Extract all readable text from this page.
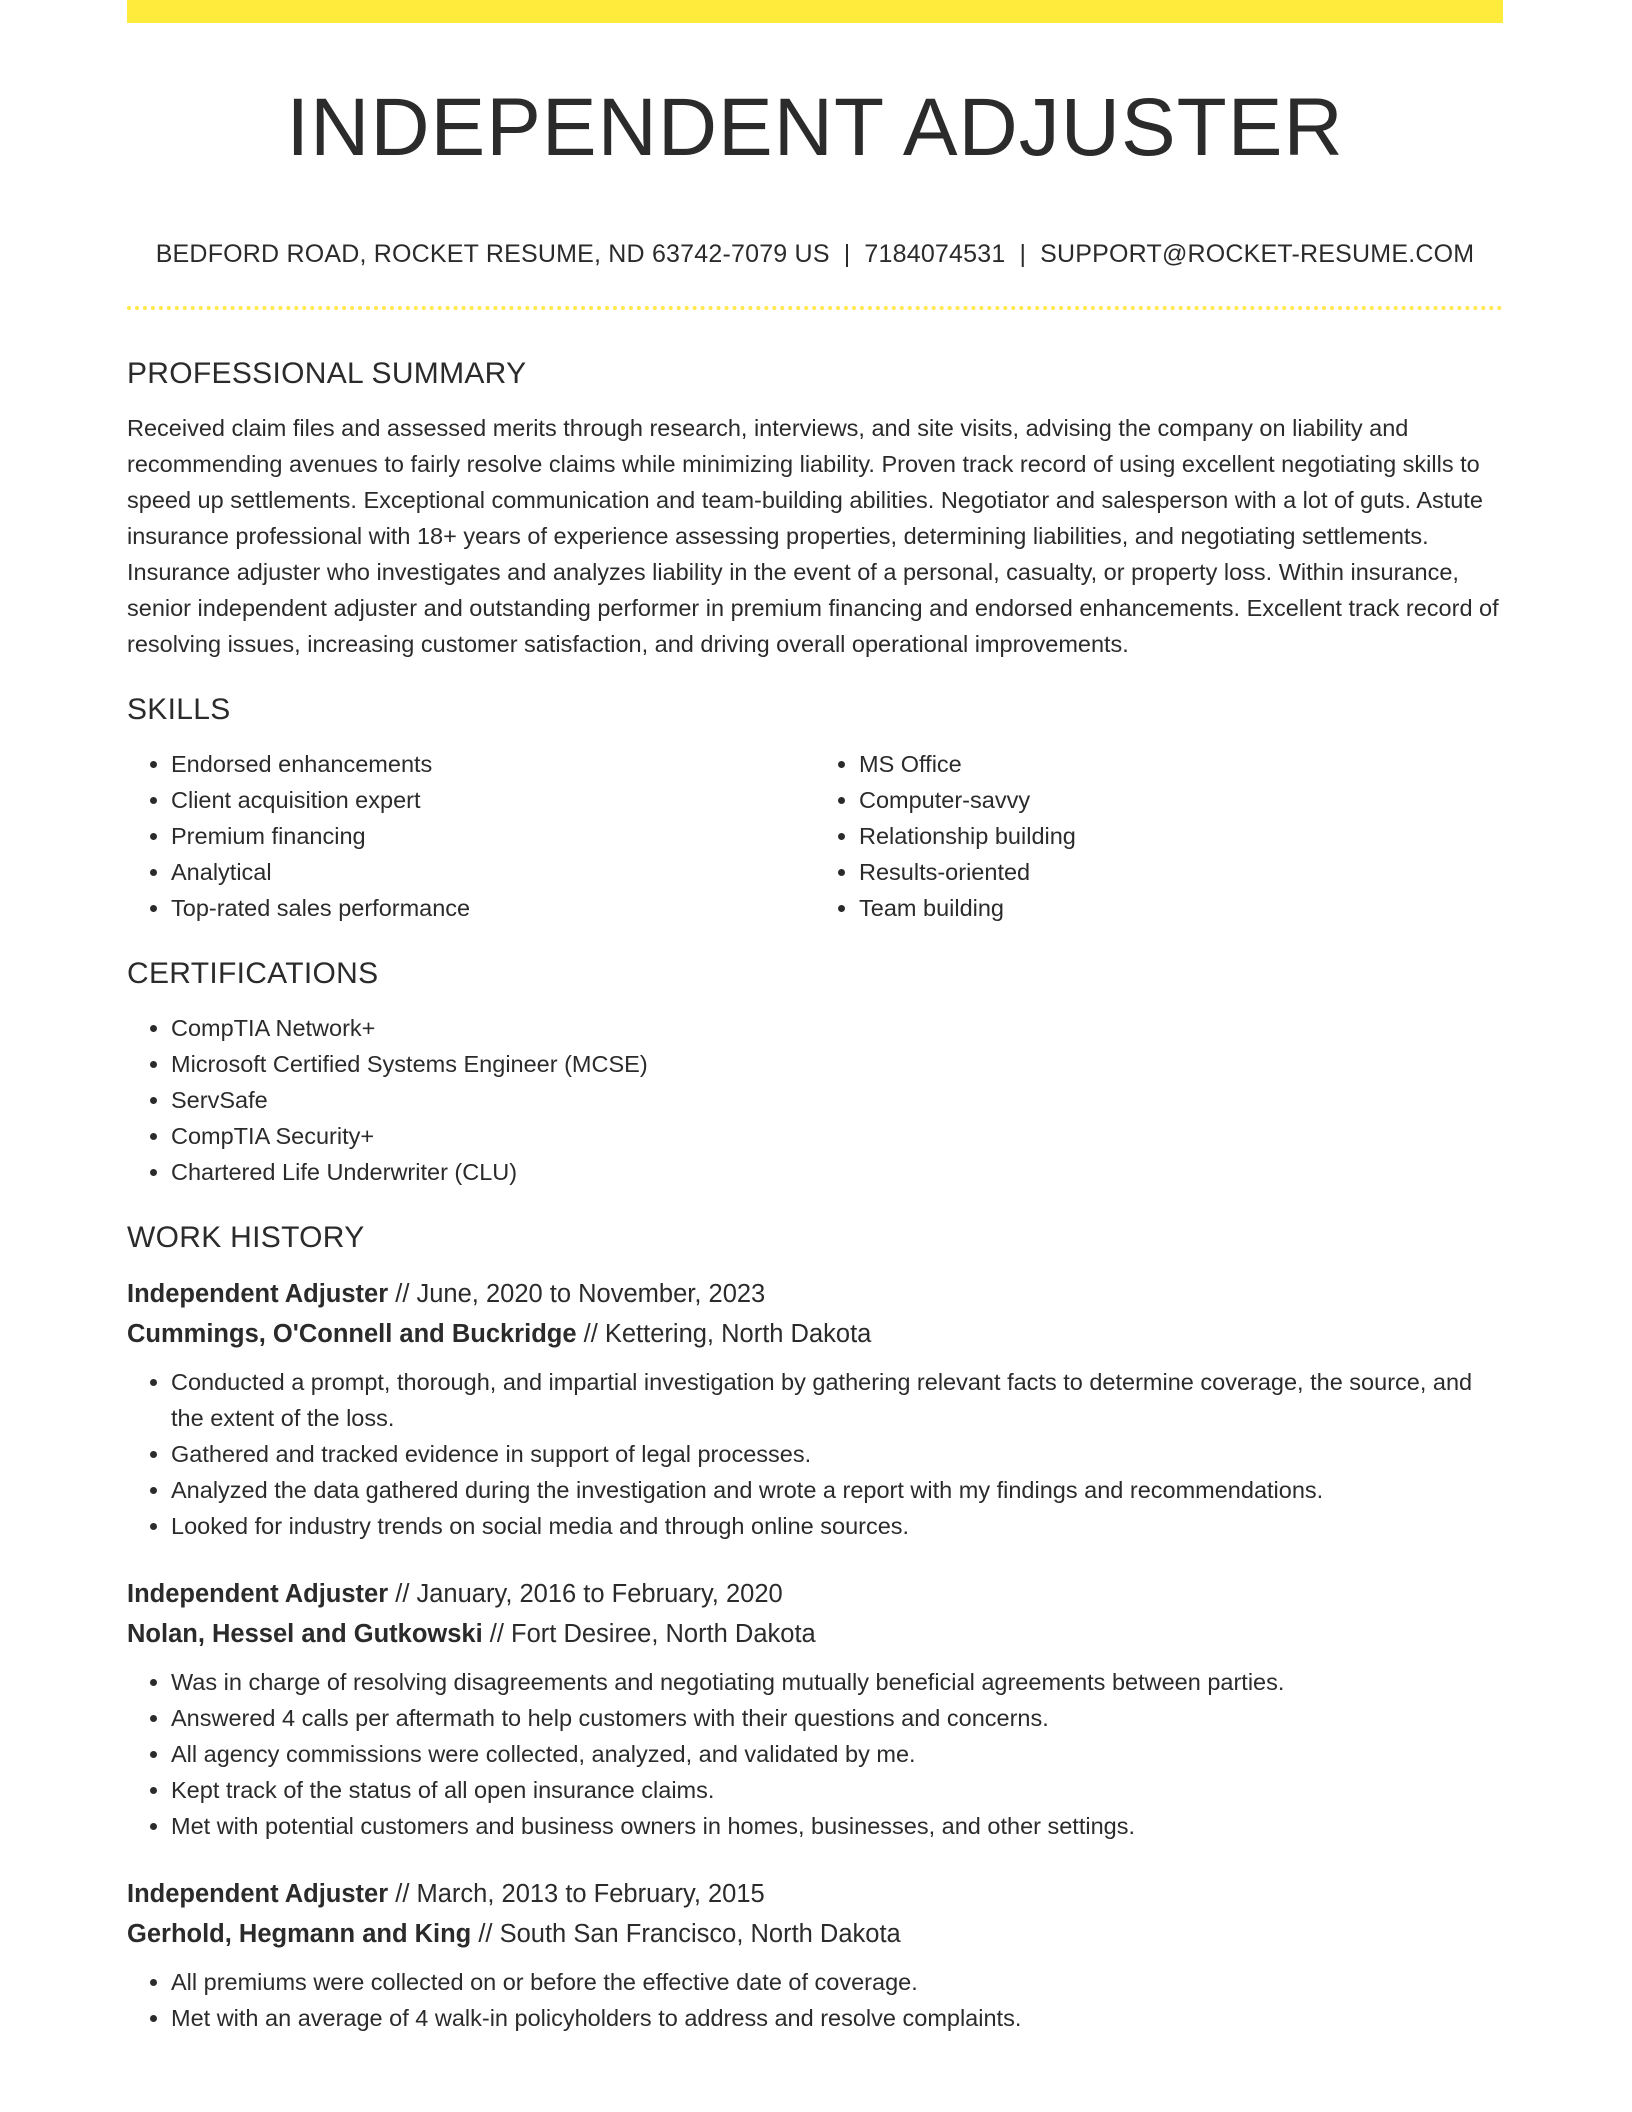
INDEPENDENT ADJUSTER
BEDFORD ROAD, ROCKET RESUME, ND 63742-7079 US | 7184074531 | SUPPORT@ROCKET-RESUME.COM
PROFESSIONAL SUMMARY

Received claim files and assessed merits through research, interviews, and site visits, advising the company on liability and recommending avenues to fairly resolve claims while minimizing liability. Proven track record of using excellent negotiating skills to speed up settlements. Exceptional communication and team-building abilities. Negotiator and salesperson with a lot of guts. Astute insurance professional with 18+ years of experience assessing properties, determining liabilities, and negotiating settlements. Insurance adjuster who investigates and analyzes liability in the event of a personal, casualty, or property loss. Within insurance, senior independent adjuster and outstanding performer in premium financing and endorsed enhancements. Excellent track record of resolving issues, increasing customer satisfaction, and driving overall operational improvements.

SKILLS
• Endorsed enhancements
• Client acquisition expert
• Premium financing
• Analytical
• Top-rated sales performance
• MS Office
• Computer-savvy
• Relationship building
• Results-oriented
• Team building
CERTIFICATIONS
• CompTIA Network+
• Microsoft Certified Systems Engineer (MCSE)
• ServSafe
• CompTIA Security+
• Chartered Life Underwriter (CLU)
WORK HISTORY
Independent Adjuster // June, 2020 to November, 2023
Cummings, O'Connell and Buckridge // Kettering, North Dakota
• Conducted a prompt, thorough, and impartial investigation by gathering relevant facts to determine coverage, the source, and the extent of the loss.
• Gathered and tracked evidence in support of legal processes.
• Analyzed the data gathered during the investigation and wrote a report with my findings and recommendations.
• Looked for industry trends on social media and through online sources.
Independent Adjuster // January, 2016 to February, 2020
Nolan, Hessel and Gutkowski // Fort Desiree, North Dakota
• Was in charge of resolving disagreements and negotiating mutually beneficial agreements between parties.
• Answered 4 calls per aftermath to help customers with their questions and concerns.
• All agency commissions were collected, analyzed, and validated by me.
• Kept track of the status of all open insurance claims.
• Met with potential customers and business owners in homes, businesses, and other settings.
Independent Adjuster // March, 2013 to February, 2015
Gerhold, Hegmann and King // South San Francisco, North Dakota
• All premiums were collected on or before the effective date of coverage.
• Met with an average of 4 walk-in policyholders to address and resolve complaints.
